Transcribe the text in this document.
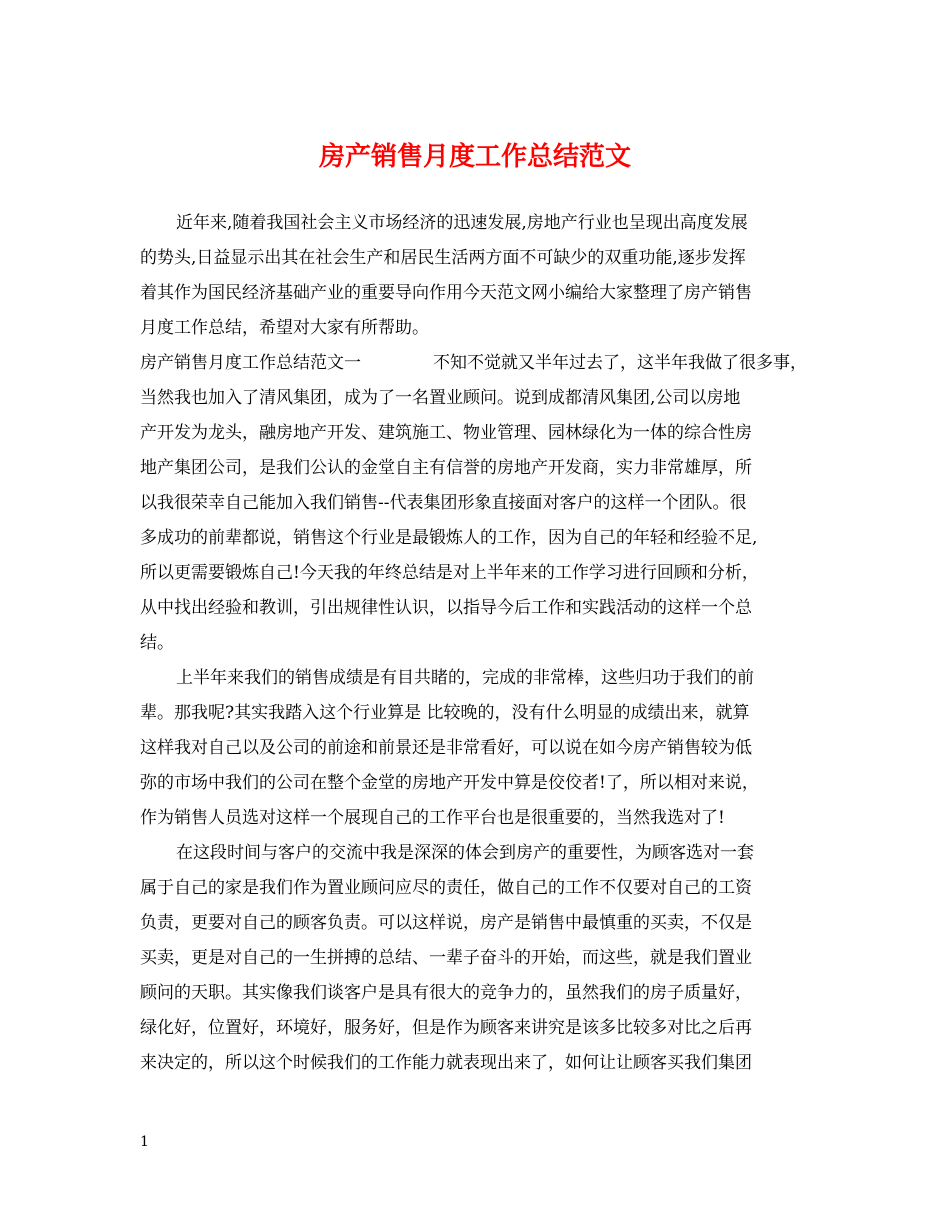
房产销售月度工作总结范文
近年来,随着我国社会主义市场经济的迅速发展,房地产行业也呈现出高度发展
的势头,日益显示出其在社会生产和居民生活两方面不可缺少的双重功能,逐步发挥
着其作为国民经济基础产业的重要导向作用今天范文网小编给大家整理了房产销售
月度工作总结，希望对大家有所帮助。
房产销售月度工作总结范文一	不知不觉就又半年过去了，这半年我做了很多事，
当然我也加入了清风集团，成为了一名置业顾问。说到成都清风集团,公司以房地
产开发为龙头，融房地产开发、建筑施工、物业管理、园林绿化为一体的综合性房
地产集团公司，是我们公认的金堂自主有信誉的房地产开发商，实力非常雄厚，所
以我很荣幸自己能加入我们销售--代表集团形象直接面对客户的这样一个团队。很
多成功的前辈都说，销售这个行业是最锻炼人的工作，因为自己的年轻和经验不足,
所以更需要锻炼自己!今天我的年终总结是对上半年来的工作学习进行回顾和分析，
从中找出经验和教训，引出规律性认识，以指导今后工作和实践活动的这样一个总
结。
上半年来我们的销售成绩是有目共睹的，完成的非常棒，这些归功于我们的前
辈。那我呢?其实我踏入这个行业算是 比较晚的，没有什么明显的成绩出来，就算
这样我对自己以及公司的前途和前景还是非常看好，可以说在如今房产销售较为低
弥的市场中我们的公司在整个金堂的房地产开发中算是佼佼者!了，所以相对来说，
作为销售人员选对这样一个展现自己的工作平台也是很重要的，当然我选对了!
在这段时间与客户的交流中我是深深的体会到房产的重要性，为顾客选对一套
属于自己的家是我们作为置业顾问应尽的责任，做自己的工作不仅要对自己的工资
负责，更要对自己的顾客负责。可以这样说，房产是销售中最慎重的买卖，不仅是
买卖，更是对自己的一生拼搏的总结、一辈子奋斗的开始，而这些，就是我们置业
顾问的天职。其实像我们谈客户是具有很大的竞争力的，虽然我们的房子质量好，
绿化好，位置好，环境好，服务好，但是作为顾客来讲究是该多比较多对比之后再
来决定的，所以这个时候我们的工作能力就表现出来了，如何让让顾客买我们集团
1
